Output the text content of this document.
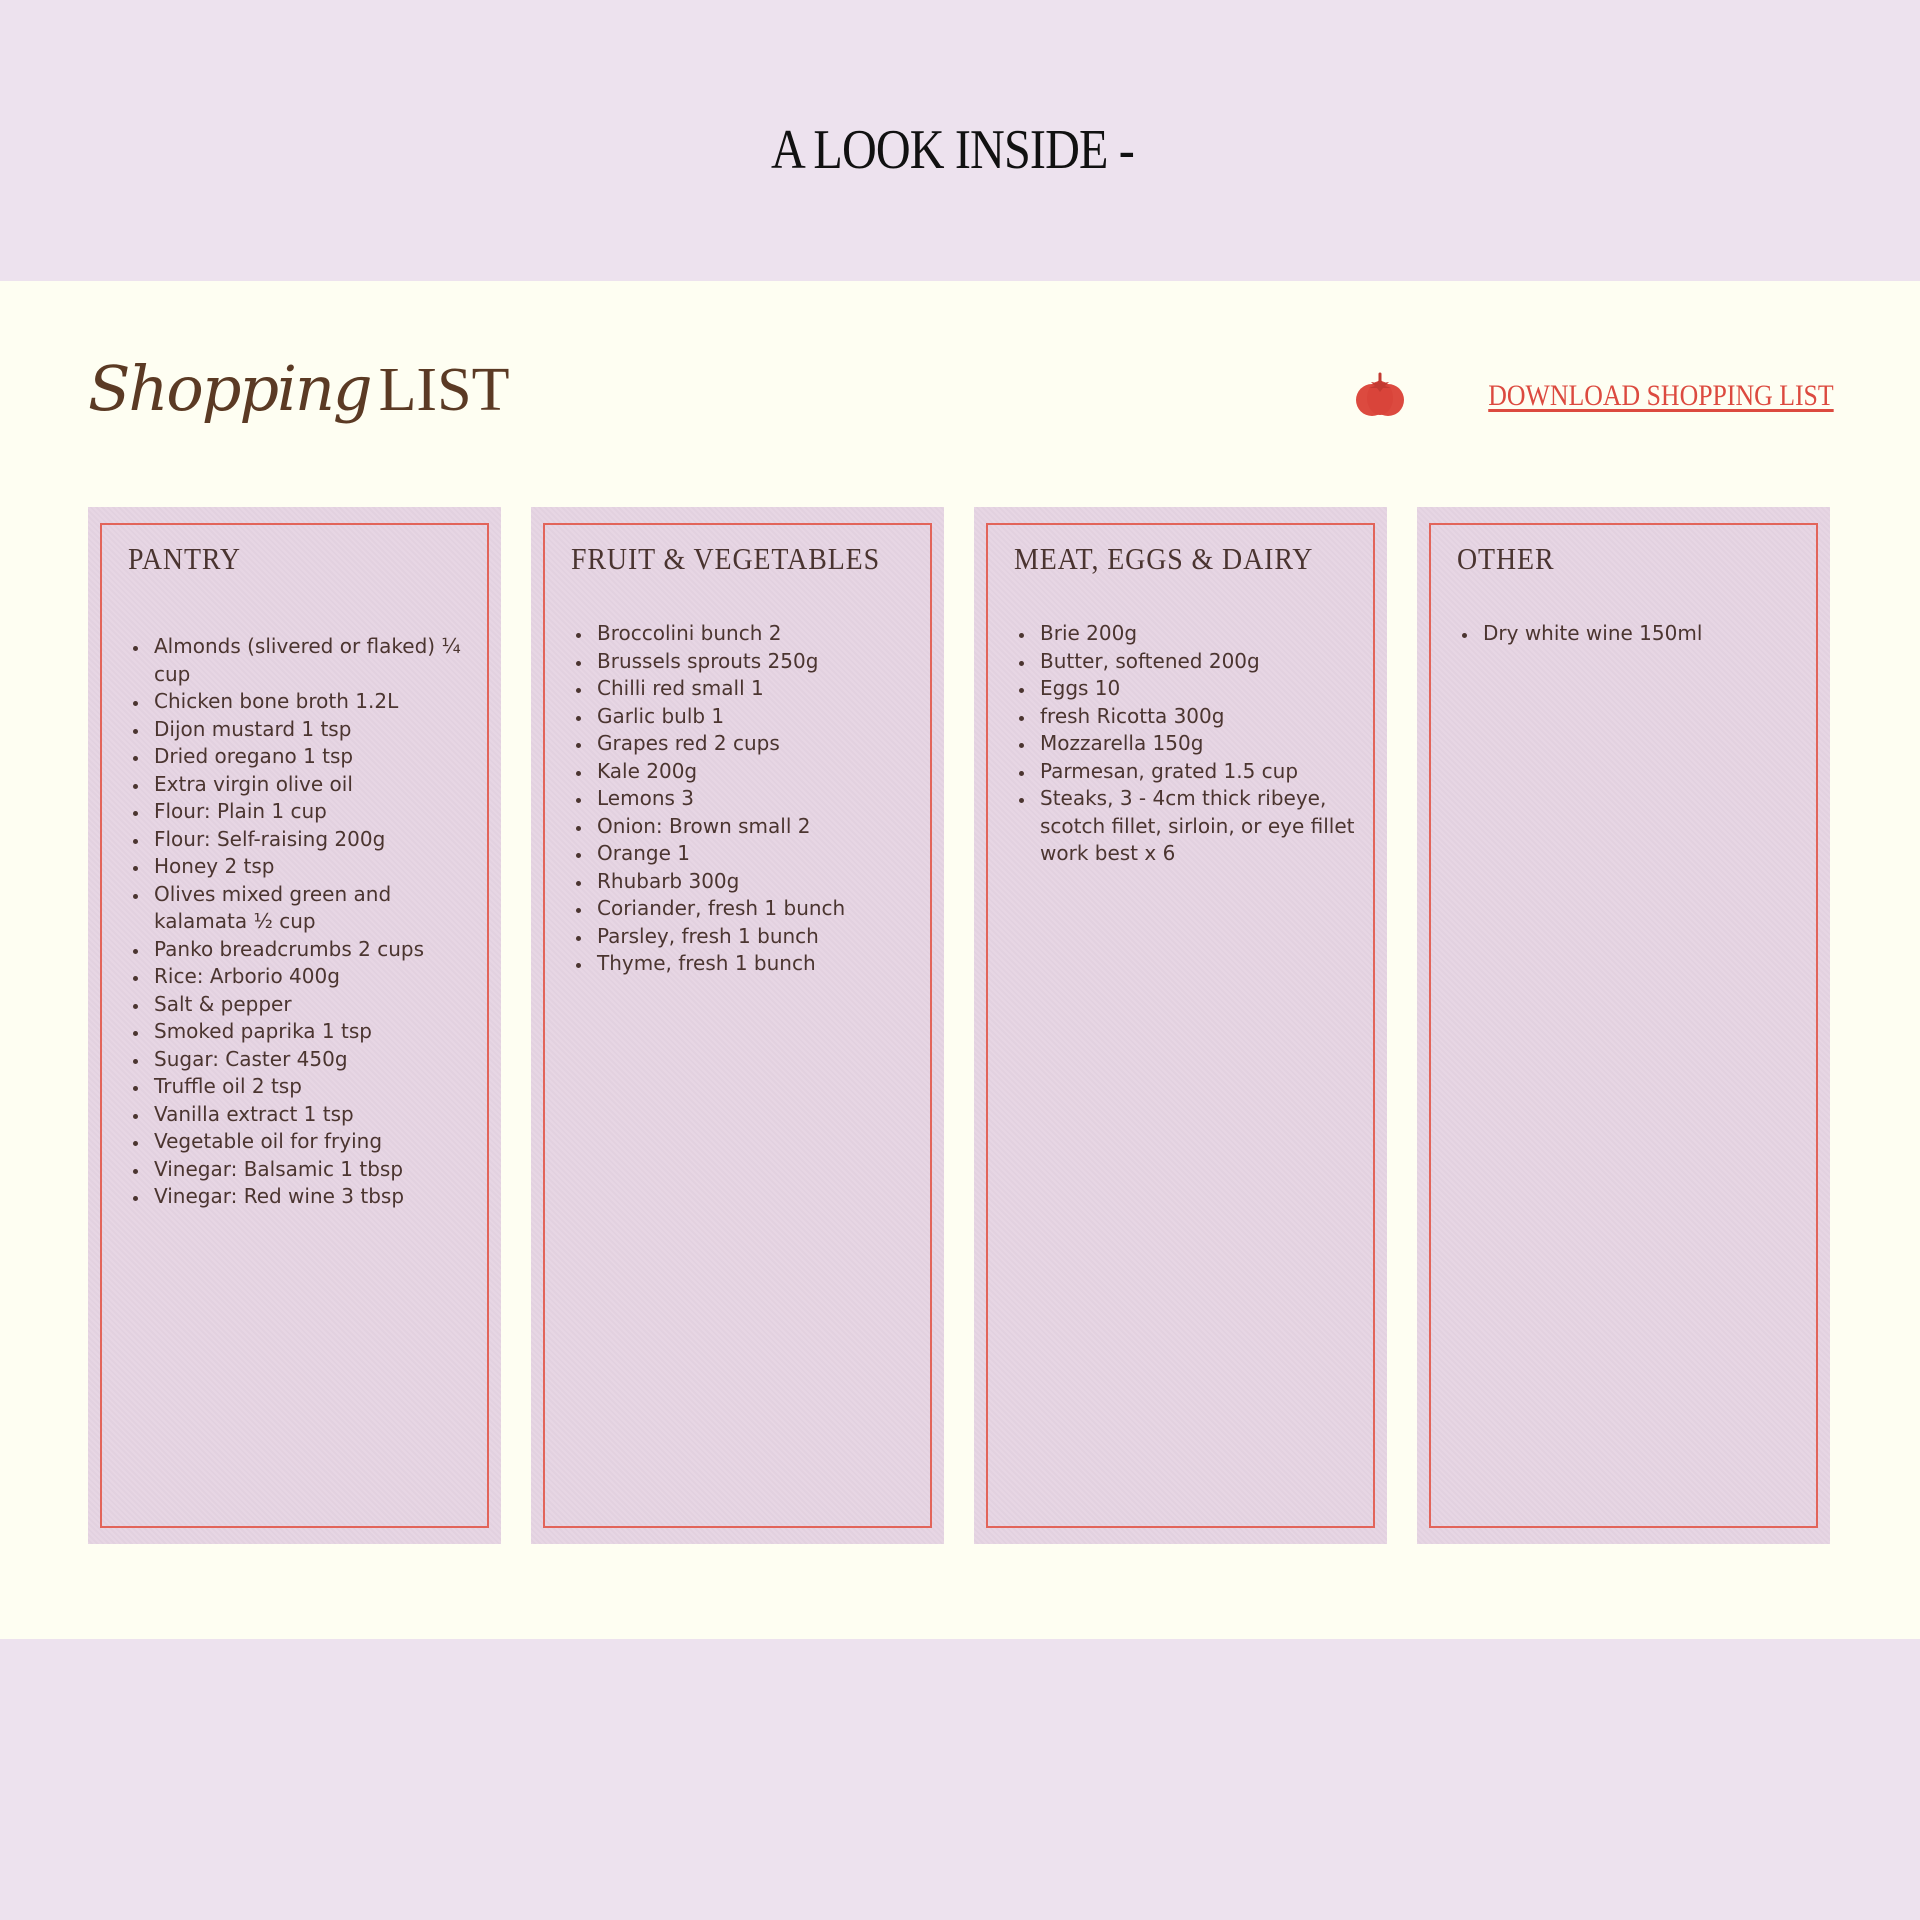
A LOOK INSIDE -
Shopping LIST	DOWNLOAD SHOPPING LIST
PANTRY
• Almonds (slivered or flaked) ¼ cup
• Chicken bone broth 1.2L
• Dijon mustard 1 tsp
• Dried oregano 1 tsp
• Extra virgin olive oil
• Flour: Plain 1 cup
• Flour: Self-raising 200g
• Honey 2 tsp
• Olives mixed green and kalamata ½ cup
• Panko breadcrumbs 2 cups
• Rice: Arborio 400g
• Salt & pepper
• Smoked paprika 1 tsp
• Sugar: Caster 450g
• Truffle oil 2 tsp
• Vanilla extract 1 tsp
• Vegetable oil for frying
• Vinegar: Balsamic 1 tbsp
• Vinegar: Red wine 3 tbsp
FRUIT & VEGETABLES
• Broccolini bunch 2
• Brussels sprouts 250g
• Chilli red small 1
• Garlic bulb 1
• Grapes red 2 cups
• Kale 200g
• Lemons 3
• Onion: Brown small 2
• Orange 1
• Rhubarb 300g
• Coriander, fresh 1 bunch
• Parsley, fresh 1 bunch
• Thyme, fresh 1 bunch
MEAT, EGGS & DAIRY
• Brie 200g
• Butter, softened 200g
• Eggs 10
• fresh Ricotta 300g
• Mozzarella 150g
• Parmesan, grated 1.5 cup
• Steaks, 3 - 4cm thick ribeye, scotch fillet, sirloin, or eye fillet work best x 6
OTHER
• Dry white wine 150ml
